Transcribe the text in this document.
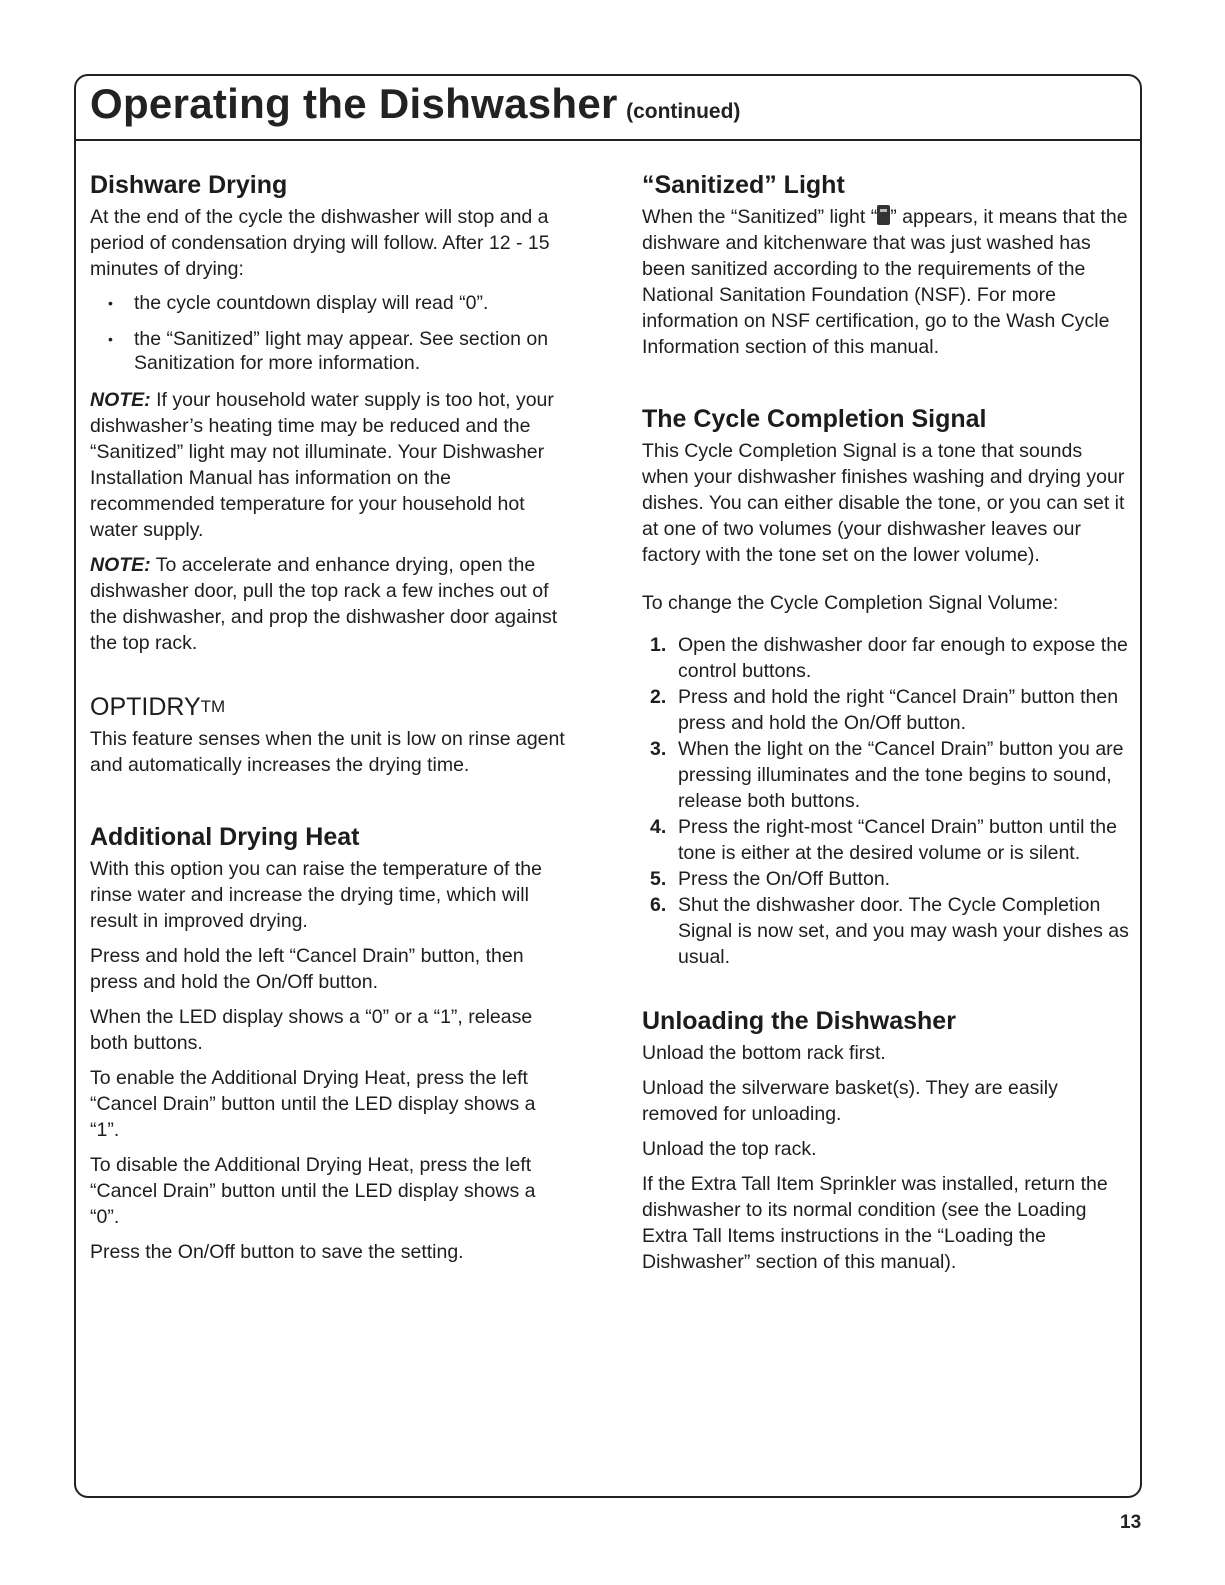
Operating the Dishwasher (continued)
Dishware Drying

At the end of the cycle the dishwasher will stop and a period of condensation drying will follow. After 12 - 15 minutes of drying:

• the cycle countdown display will read “0”.
• the “Sanitized” light may appear. See section on Sanitization for more information.

NOTE: If your household water supply is too hot, your dishwasher’s heating time may be reduced and the “Sanitized” light may not illuminate. Your Dishwasher Installation Manual has information on the recommended temperature for your household hot water supply.

NOTE: To accelerate and enhance drying, open the dishwasher door, pull the top rack a few inches out of the dishwasher, and prop the dishwasher door against the top rack.

OPTIDRY™

This feature senses when the unit is low on rinse agent and automatically increases the drying time.

Additional Drying Heat

With this option you can raise the temperature of the rinse water and increase the drying time, which will result in improved drying.

Press and hold the left “Cancel Drain” button, then press and hold the On/Off button.

When the LED display shows a “0” or a “1”, release both buttons.

To enable the Additional Drying Heat, press the left “Cancel Drain” button until the LED display shows a “1”.

To disable the Additional Drying Heat, press the left “Cancel Drain” button until the LED display shows a “0”.

Press the On/Off button to save the setting.

“Sanitized” Light

When the “Sanitized” light “ ” appears, it means that the dishware and kitchenware that was just washed has been sanitized according to the requirements of the National Sanitation Foundation (NSF). For more information on NSF certification, go to the Wash Cycle Information section of this manual.

The Cycle Completion Signal

This Cycle Completion Signal is a tone that sounds when your dishwasher finishes washing and drying your dishes. You can either disable the tone, or you can set it at one of two volumes (your dishwasher leaves our factory with the tone set on the lower volume).

To change the Cycle Completion Signal Volume:

1. Open the dishwasher door far enough to expose the control buttons.
2. Press and hold the right “Cancel Drain” button then press and hold the On/Off button.
3. When the light on the “Cancel Drain” button you are pressing illuminates and the tone begins to sound, release both buttons.
4. Press the right-most “Cancel Drain” button until the tone is either at the desired volume or is silent.
5. Press the On/Off Button.
6. Shut the dishwasher door. The Cycle Completion Signal is now set, and you may wash your dishes as usual.
Unloading the Dishwasher

Unload the bottom rack first.

Unload the silverware basket(s). They are easily removed for unloading.

Unload the top rack.

If the Extra Tall Item Sprinkler was installed, return the dishwasher to its normal condition (see the Loading Extra Tall Items instructions in the “Loading the Dishwasher” section of this manual).

13
